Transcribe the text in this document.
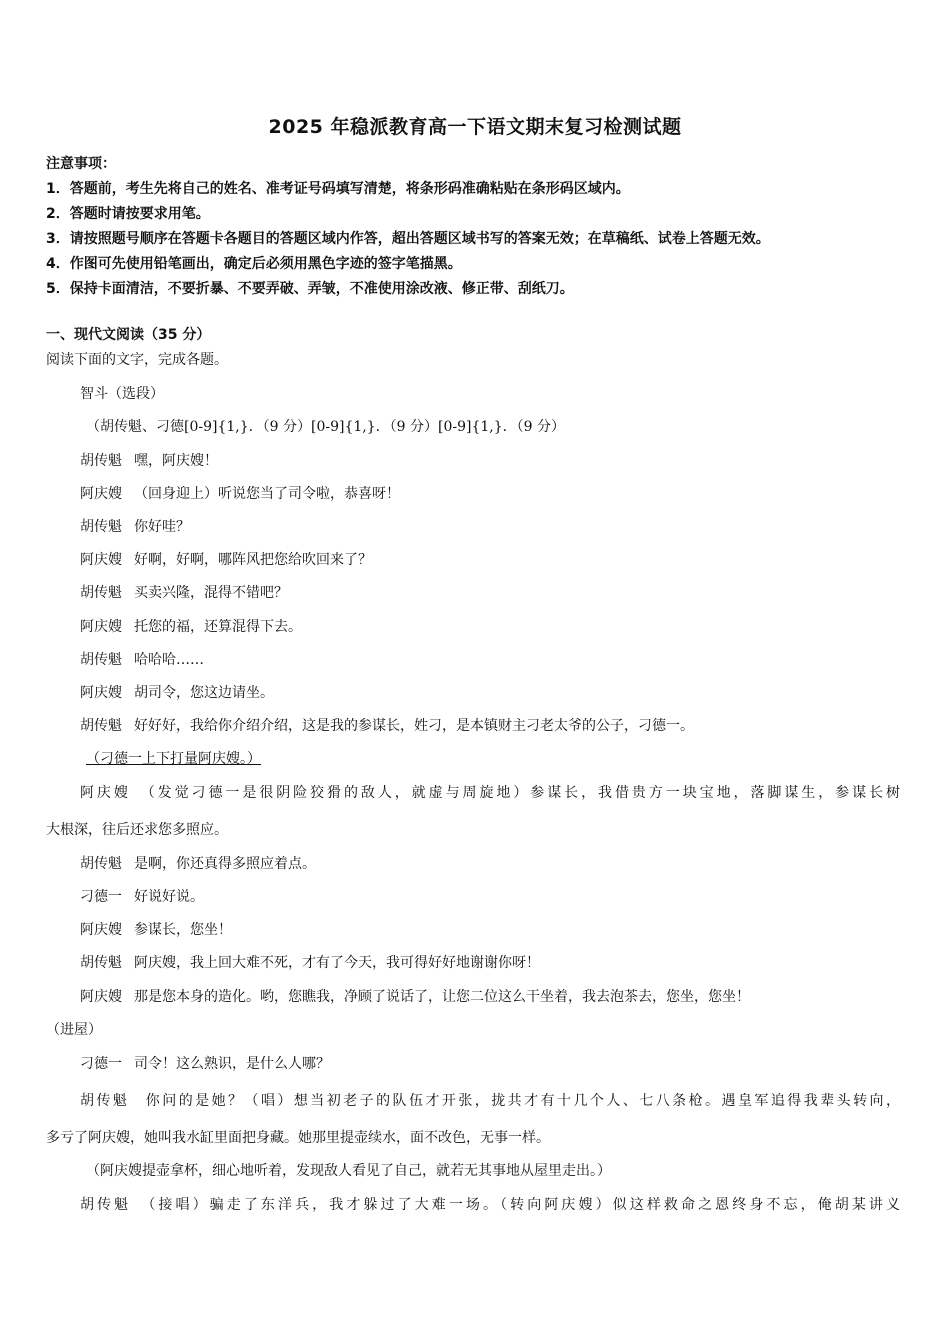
2025 年稳派教育高一下语文期末复习检测试题
注意事项：
1．答题前，考生先将自己的姓名、准考证号码填写清楚，将条形码准确粘贴在条形码区域内。
2．答题时请按要求用笔。
3．请按照题号顺序在答题卡各题目的答题区域内作答，超出答题区域书写的答案无效；在草稿纸、试卷上答题无效。
4．作图可先使用铅笔画出，确定后必须用黑色字迹的签字笔描黑。
5．保持卡面清洁，不要折暴、不要弄破、弄皱，不准使用涂改液、修正带、刮纸刀。
一、现代文阅读（35 分）
阅读下面的文字，完成各题。
智斗（选段）
（胡传魁、刁德[0-9]{1,}．（9 分）[0-9]{1,}．（9 分）[0-9]{1,}．（9 分）
胡传魁 嘿，阿庆嫂！
阿庆嫂 （回身迎上）听说您当了司令啦，恭喜呀！
胡传魁 你好哇？
阿庆嫂 好啊，好啊，哪阵风把您给吹回来了？
胡传魁 买卖兴隆，混得不错吧？
阿庆嫂 托您的福，还算混得下去。
胡传魁 哈哈哈……
阿庆嫂 胡司令，您这边请坐。
胡传魁 好好好，我给你介绍介绍，这是我的参谋长，姓刁，是本镇财主刁老太爷的公子，刁德一。
（刁德一上下打量阿庆嫂。）
阿庆嫂　（发觉刁德一是很阴险狡猾的敌人，就虚与周旋地）参谋长，我借贵方一块宝地，落脚谋生，参谋长树
大根深，往后还求您多照应。
胡传魁 是啊，你还真得多照应着点。
刁德一 好说好说。
阿庆嫂 参谋长，您坐！
胡传魁 阿庆嫂，我上回大难不死，才有了今天，我可得好好地谢谢你呀！
阿庆嫂 那是您本身的造化。哟，您瞧我，净顾了说话了，让您二位这么干坐着，我去泡茶去，您坐，您坐！
（进屋）
刁德一 司令！这么熟识，是什么人哪？
胡传魁　你问的是她？（唱）想当初老子的队伍才开张，拢共才有十几个人、七八条枪。遇皇军追得我辈头转向，
多亏了阿庆嫂，她叫我水缸里面把身藏。她那里提壶续水，面不改色，无事一样。
（阿庆嫂提壶拿杯，细心地听着，发现敌人看见了自己，就若无其事地从屋里走出。）
胡传魁　（接唱）骗走了东洋兵，我才躲过了大难一场。（转向阿庆嫂）似这样救命之恩终身不忘，俺胡某讲义
